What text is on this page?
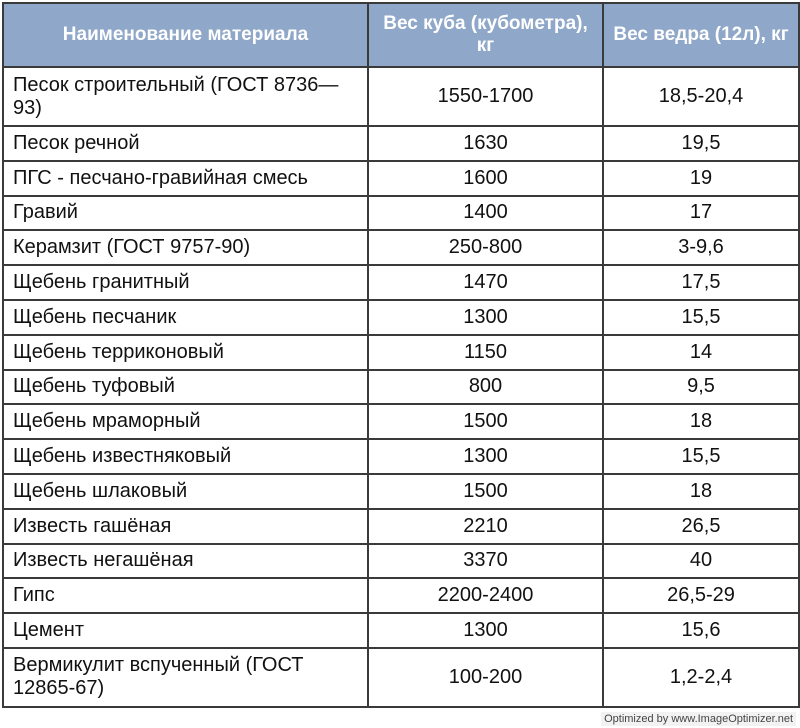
Наименование материала	Вес куба (кубометра), кг	Вес ведра (12л), кг
Песок строительный (ГОСТ 8736—93)	1550-1700	18,5-20,4
Песок речной	1630	19,5
ПГС - песчано-гравийная смесь	1600	19
Гравий	1400	17
Керамзит (ГОСТ 9757-90)	250-800	3-9,6
Щебень гранитный	1470	17,5
Щебень песчаник	1300	15,5
Щебень терриконовый	1150	14
Щебень туфовый	800	9,5
Щебень мраморный	1500	18
Щебень известняковый	1300	15,5
Щебень шлаковый	1500	18
Известь гашёная	2210	26,5
Известь негашёная	3370	40
Гипс	2200-2400	26,5-29
Цемент	1300	15,6
Вермикулит вспученный (ГОСТ 12865-67)	100-200	1,2-2,4
Optimized by www.ImageOptimizer.net
